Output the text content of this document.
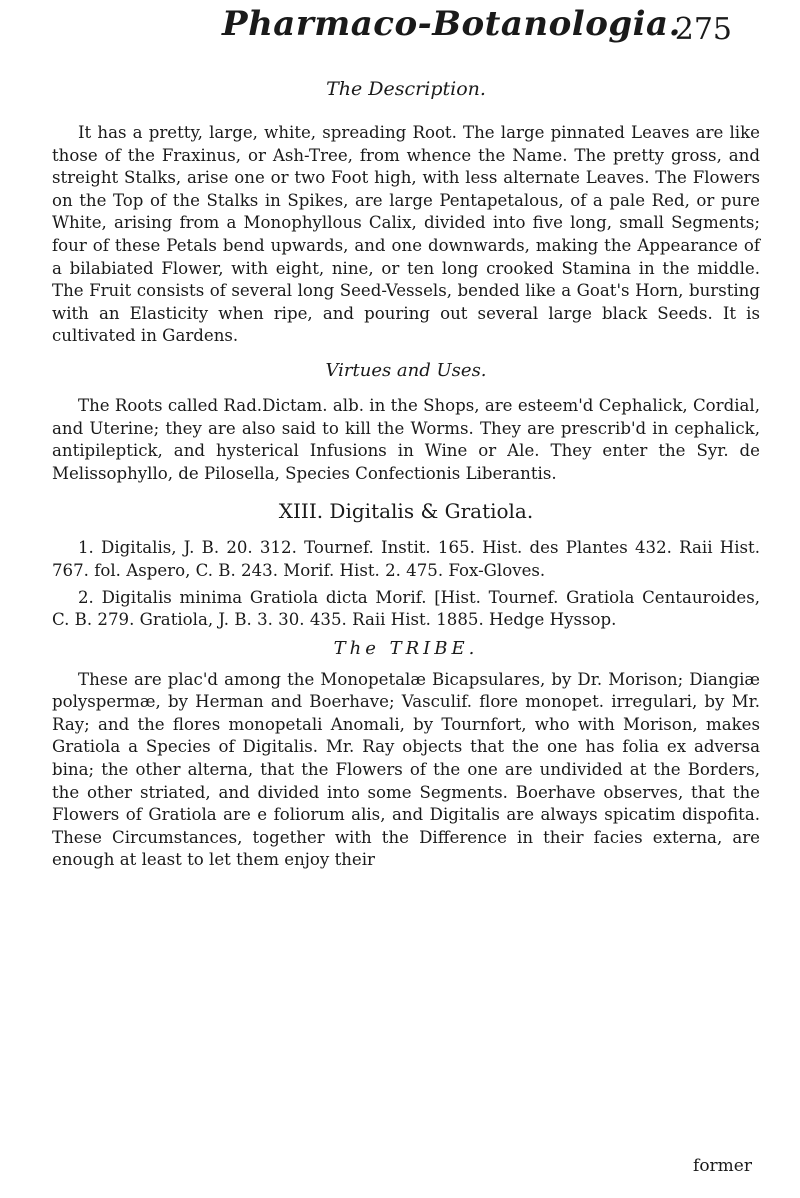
Pharmaco-Botanologia.
275
The Description.

It has a pretty, large, white, spreading Root. The large pinnated Leaves are like those of the Fraxinus, or Ash-Tree, from whence the Name. The pretty gross, and streight Stalks, arise one or two Foot high, with less alternate Leaves. The Flowers on the Top of the Stalks in Spikes, are large Pentapetalous, of a pale Red, or pure White, arising from a Monophyllous Calix, divided into five long, small Segments; four of these Petals bend upwards, and one downwards, making the Appearance of a bilabiated Flower, with eight, nine, or ten long crooked Stamina in the middle. The Fruit consists of several long Seed-Vessels, bended like a Goat's Horn, bursting with an Elasticity when ripe, and pouring out several large black Seeds. It is cultivated in Gardens.

Virtues and Uses.

The Roots called Rad.Dictam. alb. in the Shops, are esteem'd Cephalick, Cordial, and Uterine; they are also said to kill the Worms. They are prescrib'd in cephalick, antipileptick, and hysterical Infusions in Wine or Ale. They enter the Syr. de Melissophyllo, de Pilosella, Species Confectionis Liberantis.

XIII. Digitalis & Gratiola.

1. Digitalis, J. B. 20. 312. Tournef. Instit. 165. Hist. des Plantes 432. Raii Hist. 767. fol. Aspero, C. B. 243. Morif. Hist. 2. 475. Fox-Gloves.

2. Digitalis minima Gratiola dicta Morif. [Hist. Tournef. Gratiola Centauroides, C. B. 279. Gratiola, J. B. 3. 30. 435. Raii Hist. 1885. Hedge Hyssop.

The TRIBE.

These are plac'd among the Monopetalæ Bicapsulares, by Dr. Morison; Diangiæ polyspermæ, by Herman and Boerhave; Vasculif. flore monopet. irregulari, by Mr. Ray; and the flores monopetali Anomali, by Tournfort, who with Morison, makes Gratiola a Species of Digitalis. Mr. Ray objects that the one has folia ex adversa bina; the other alterna, that the Flowers of the one are undivided at the Borders, the other striated, and divided into some Segments. Boerhave observes, that the Flowers of Gratiola are e foliorum alis, and Digitalis are always spicatim dispofita. These Circumstances, together with the Difference in their facies externa, are enough at least to let them enjoy their

former
